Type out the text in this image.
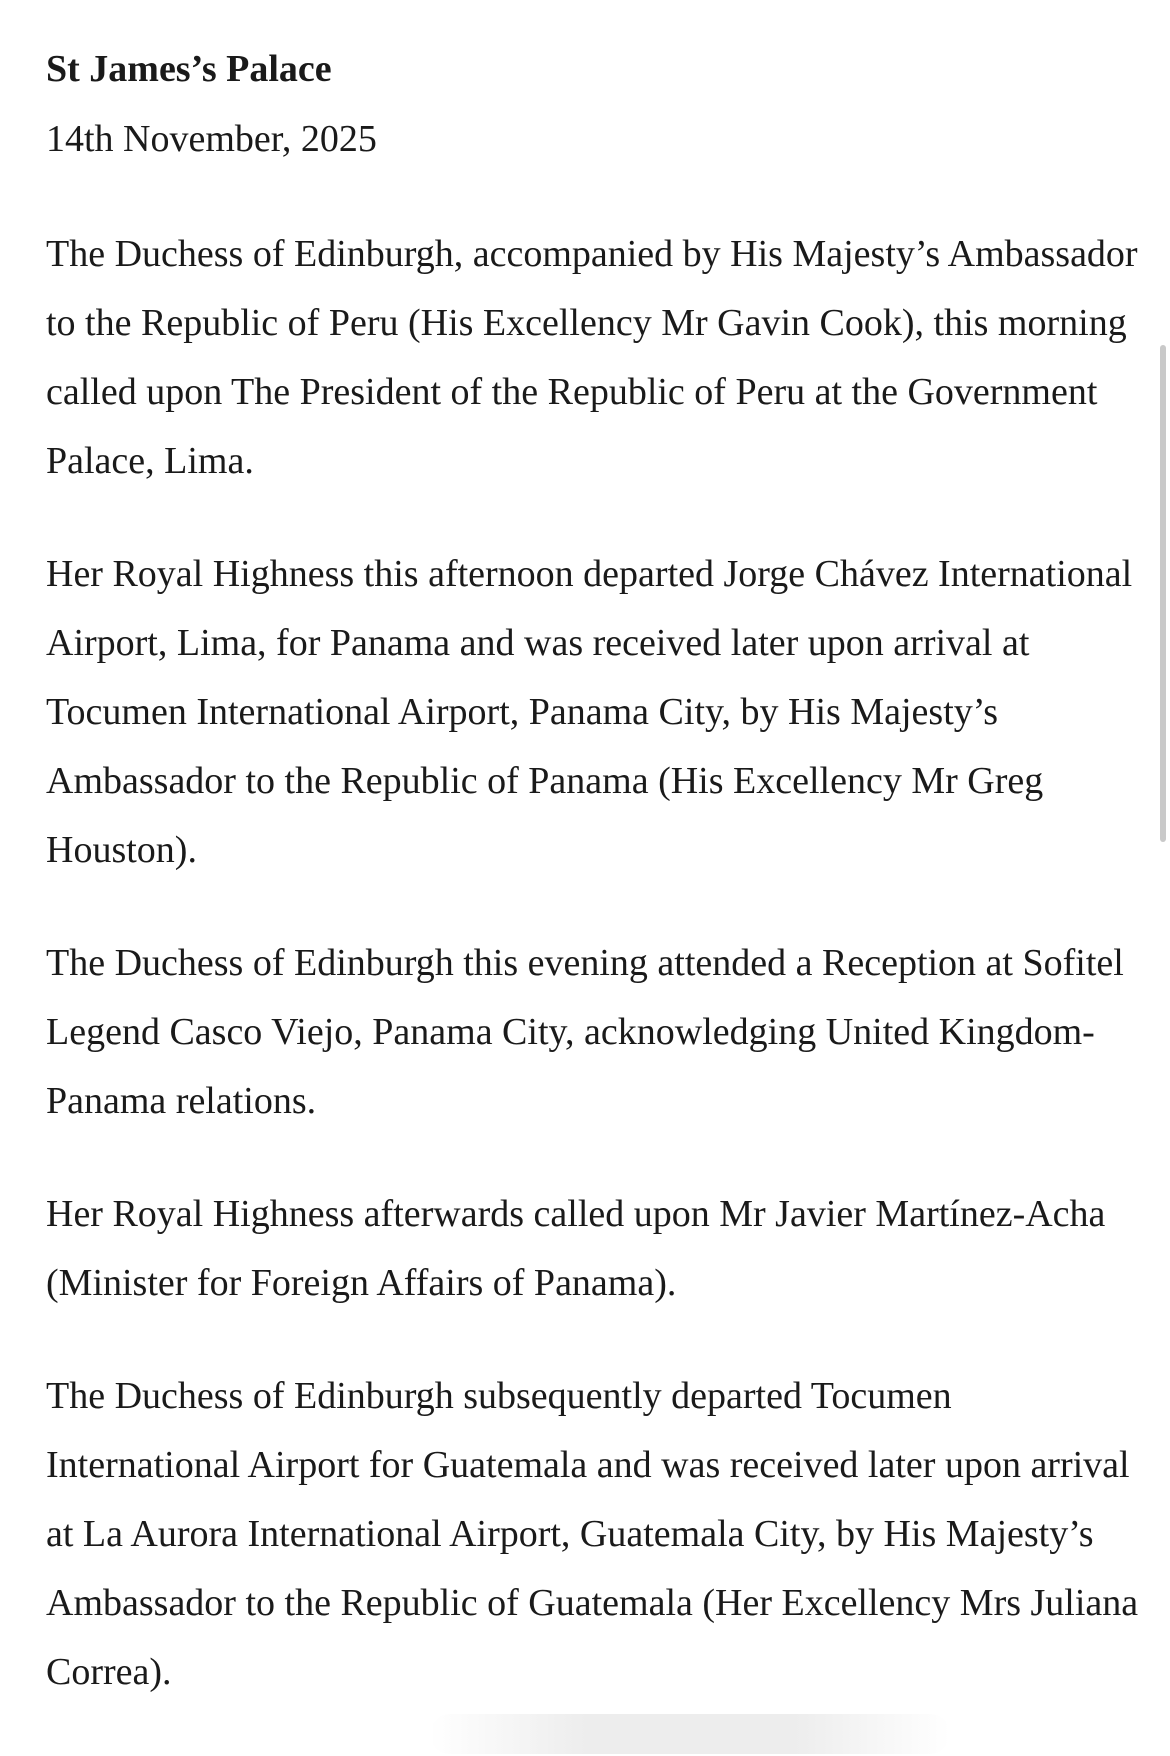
St James’s Palace

14th November, 2025

The Duchess of Edinburgh, accompanied by His Majesty’s Ambassador to the Republic of Peru (His Excellency Mr Gavin Cook), this morning called upon The President of the Republic of Peru at the Government Palace, Lima.

Her Royal Highness this afternoon departed Jorge Chávez International Airport, Lima, for Panama and was received later upon arrival at Tocumen International Airport, Panama City, by His Majesty’s Ambassador to the Republic of Panama (His Excellency Mr Greg Houston).

The Duchess of Edinburgh this evening attended a Reception at Sofitel Legend Casco Viejo, Panama City, acknowledging United Kingdom-Panama relations.

Her Royal Highness afterwards called upon Mr Javier Martínez-Acha (Minister for Foreign Affairs of Panama).

The Duchess of Edinburgh subsequently departed Tocumen International Airport for Guatemala and was received later upon arrival at La Aurora International Airport, Guatemala City, by His Majesty’s Ambassador to the Republic of Guatemala (Her Excellency Mrs Juliana Correa).
